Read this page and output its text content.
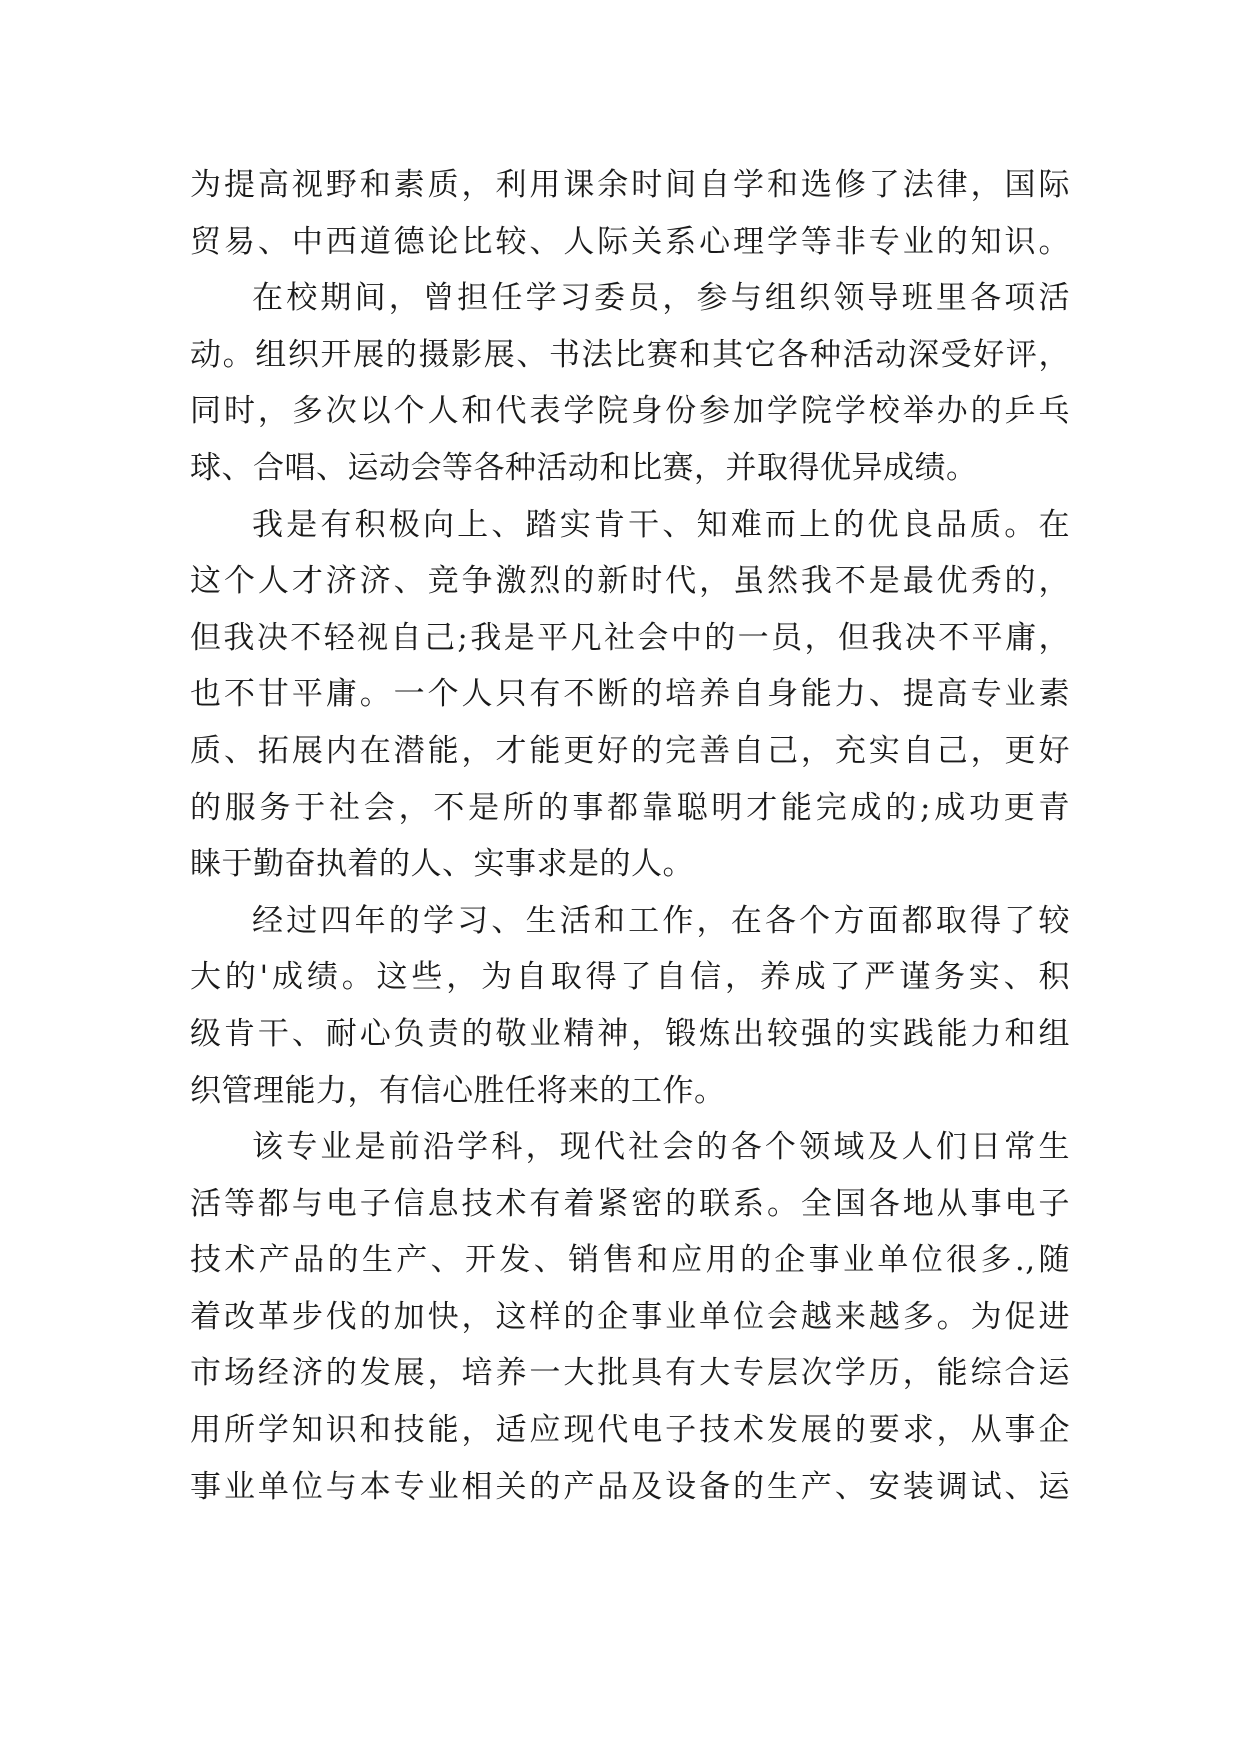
为提高视野和素质，利用课余时间自学和选修了法律，国际
贸易、中西道德论比较、人际关系心理学等非专业的知识。
在校期间，曾担任学习委员，参与组织领导班里各项活
动。组织开展的摄影展、书法比赛和其它各种活动深受好评，
同时，多次以个人和代表学院身份参加学院学校举办的乒乓
球、合唱、运动会等各种活动和比赛，并取得优异成绩。
我是有积极向上、踏实肯干、知难而上的优良品质。在
这个人才济济、竞争激烈的新时代，虽然我不是最优秀的，
但我决不轻视自己;我是平凡社会中的一员，但我决不平庸，
也不甘平庸。一个人只有不断的培养自身能力、提高专业素
质、拓展内在潜能，才能更好的完善自己，充实自己，更好
的服务于社会，不是所的事都靠聪明才能完成的;成功更青
睐于勤奋执着的人、实事求是的人。
经过四年的学习、生活和工作，在各个方面都取得了较
大的'成绩。这些，为自取得了自信，养成了严谨务实、积
级肯干、耐心负责的敬业精神，锻炼出较强的实践能力和组
织管理能力，有信心胜任将来的工作。
该专业是前沿学科，现代社会的各个领域及人们日常生
活等都与电子信息技术有着紧密的联系。全国各地从事电子
技术产品的生产、开发、销售和应用的企事业单位很多.,随
着改革步伐的加快，这样的企事业单位会越来越多。为促进
市场经济的发展，培养一大批具有大专层次学历，能综合运
用所学知识和技能，适应现代电子技术发展的要求，从事企
事业单位与本专业相关的产品及设备的生产、安装调试、运
